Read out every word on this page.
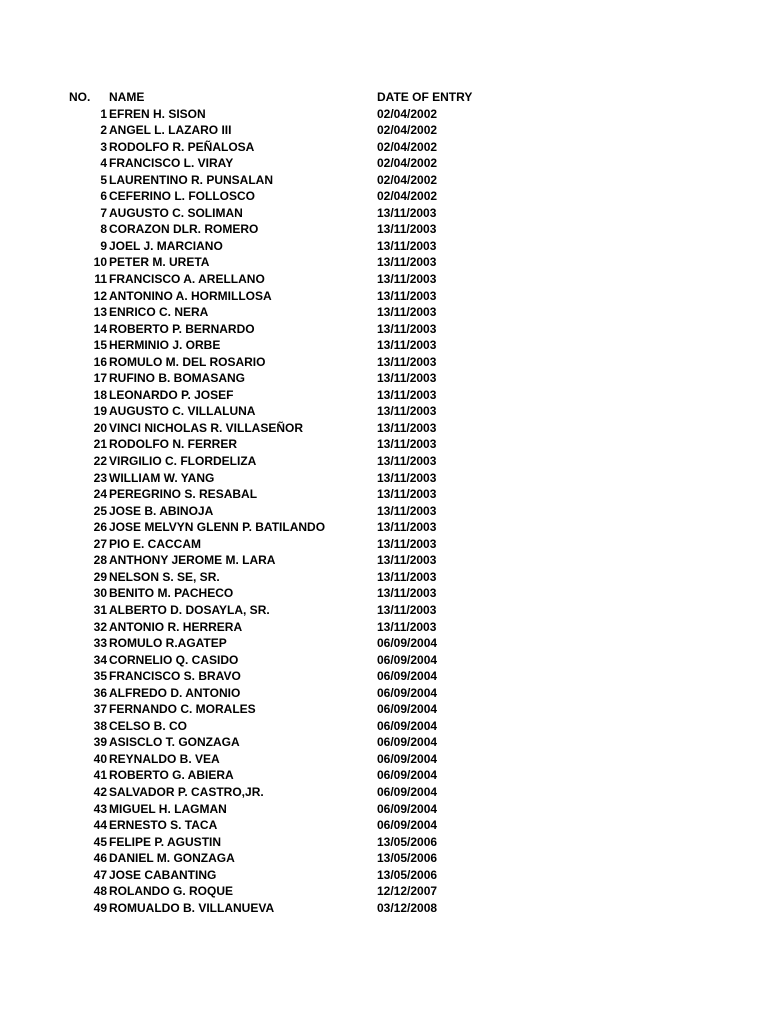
NO. NAME	DATE OF ENTRY
1 EFREN H. SISON	02/04/2002
2 ANGEL L. LAZARO III	02/04/2002
3 RODOLFO R. PEÑALOSA	02/04/2002
4 FRANCISCO L. VIRAY	02/04/2002
5 LAURENTINO R. PUNSALAN	02/04/2002
6 CEFERINO L. FOLLOSCO	02/04/2002
7 AUGUSTO C. SOLIMAN	13/11/2003
8 CORAZON DLR. ROMERO	13/11/2003
9 JOEL J. MARCIANO	13/11/2003
10 PETER M. URETA	13/11/2003
11 FRANCISCO A. ARELLANO	13/11/2003
12 ANTONINO A. HORMILLOSA	13/11/2003
13 ENRICO C. NERA	13/11/2003
14 ROBERTO P. BERNARDO	13/11/2003
15 HERMINIO J. ORBE	13/11/2003
16 ROMULO M. DEL ROSARIO	13/11/2003
17 RUFINO B. BOMASANG	13/11/2003
18 LEONARDO P. JOSEF	13/11/2003
19 AUGUSTO C. VILLALUNA	13/11/2003
20 VINCI NICHOLAS R. VILLASEÑOR	13/11/2003
21 RODOLFO N. FERRER	13/11/2003
22 VIRGILIO C. FLORDELIZA	13/11/2003
23 WILLIAM W. YANG	13/11/2003
24 PEREGRINO S. RESABAL	13/11/2003
25 JOSE B. ABINOJA	13/11/2003
26 JOSE MELVYN GLENN P. BATILANDO	13/11/2003
27 PIO E. CACCAM	13/11/2003
28 ANTHONY JEROME M. LARA	13/11/2003
29 NELSON S. SE, SR.	13/11/2003
30 BENITO M. PACHECO	13/11/2003
31 ALBERTO D. DOSAYLA, SR.	13/11/2003
32 ANTONIO R. HERRERA	13/11/2003
33 ROMULO R.AGATEP	06/09/2004
34 CORNELIO Q. CASIDO	06/09/2004
35 FRANCISCO S. BRAVO	06/09/2004
36 ALFREDO D. ANTONIO	06/09/2004
37 FERNANDO C. MORALES	06/09/2004
38 CELSO B. CO	06/09/2004
39 ASISCLO T. GONZAGA	06/09/2004
40 REYNALDO B. VEA	06/09/2004
41 ROBERTO G. ABIERA	06/09/2004
42 SALVADOR P. CASTRO,JR.	06/09/2004
43 MIGUEL H. LAGMAN	06/09/2004
44 ERNESTO S. TACA	06/09/2004
45 FELIPE P. AGUSTIN	13/05/2006
46 DANIEL M. GONZAGA	13/05/2006
47 JOSE CABANTING	13/05/2006
48 ROLANDO G. ROQUE	12/12/2007
49 ROMUALDO B. VILLANUEVA	03/12/2008
